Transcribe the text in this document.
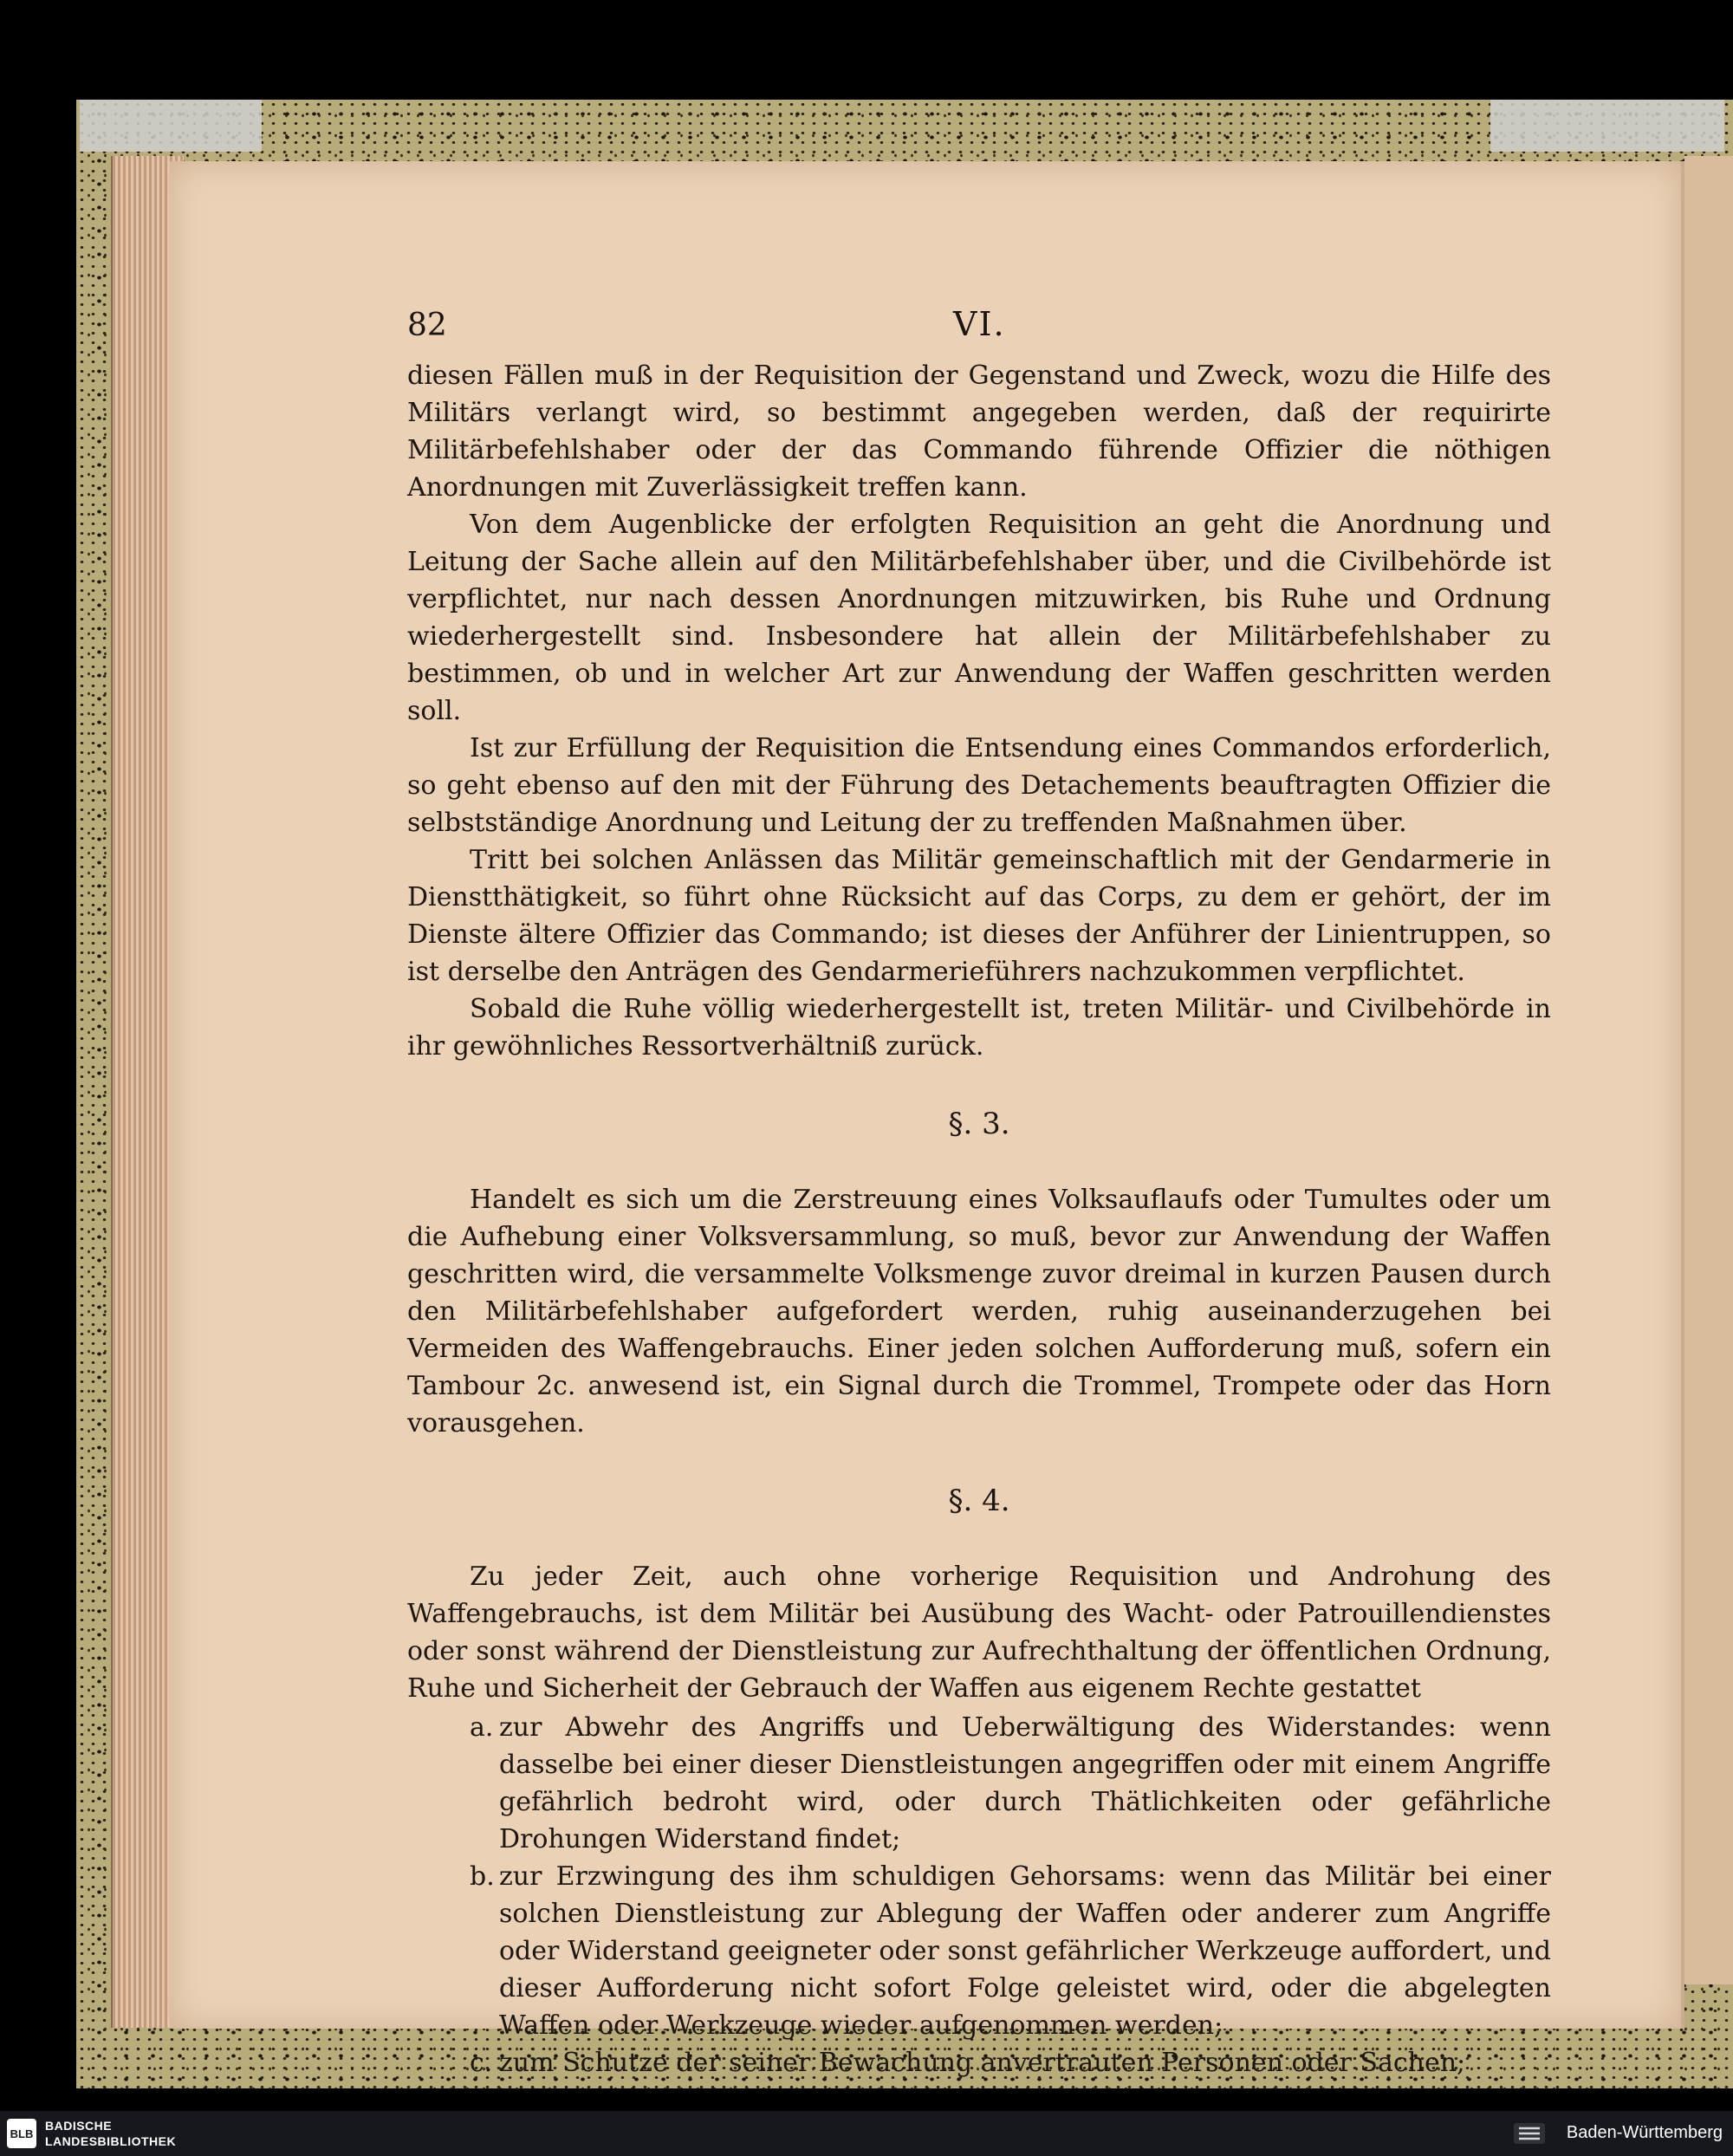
82	VI.

diesen Fällen muß in der Requisition der Gegenstand und Zweck, wozu die Hilfe des Militärs verlangt wird, so bestimmt angegeben werden, daß der requirirte Militärbefehlshaber oder der das Commando führende Offizier die nöthigen Anordnungen mit Zuverlässigkeit treffen kann.

Von dem Augenblicke der erfolgten Requisition an geht die Anordnung und Leitung der Sache allein auf den Militärbefehlshaber über, und die Civilbehörde ist verpflichtet, nur nach dessen Anordnungen mitzuwirken, bis Ruhe und Ordnung wiederhergestellt sind. Insbesondere hat allein der Militärbefehlshaber zu bestimmen, ob und in welcher Art zur Anwendung der Waffen geschritten werden soll.

Ist zur Erfüllung der Requisition die Entsendung eines Commandos erforderlich, so geht ebenso auf den mit der Führung des Detachements beauftragten Offizier die selbstständige Anordnung und Leitung der zu treffenden Maßnahmen über.

Tritt bei solchen Anlässen das Militär gemeinschaftlich mit der Gendarmerie in Dienstthätigkeit, so führt ohne Rücksicht auf das Corps, zu dem er gehört, der im Dienste ältere Offizier das Commando; ist dieses der Anführer der Linientruppen, so ist derselbe den Anträgen des Gendarmerieführers nachzukommen verpflichtet.

Sobald die Ruhe völlig wiederhergestellt ist, treten Militär- und Civilbehörde in ihr gewöhnliches Ressortverhältniß zurück.

§. 3.

Handelt es sich um die Zerstreuung eines Volksauflaufs oder Tumultes oder um die Aufhebung einer Volksversammlung, so muß, bevor zur Anwendung der Waffen geschritten wird, die versammelte Volksmenge zuvor dreimal in kurzen Pausen durch den Militärbefehlshaber aufgefordert werden, ruhig auseinanderzugehen bei Vermeiden des Waffengebrauchs. Einer jeden solchen Aufforderung muß, sofern ein Tambour 2c. anwesend ist, ein Signal durch die Trommel, Trompete oder das Horn vorausgehen.

§. 4.

Zu jeder Zeit, auch ohne vorherige Requisition und Androhung des Waffengebrauchs, ist dem Militär bei Ausübung des Wacht- oder Patrouillendienstes oder sonst während der Dienstleistung zur Aufrechthaltung der öffentlichen Ordnung, Ruhe und Sicherheit der Gebrauch der Waffen aus eigenem Rechte gestattet

a. zur Abwehr des Angriffs und Ueberwältigung des Widerstandes: wenn dasselbe bei einer dieser Dienstleistungen angegriffen oder mit einem Angriffe gefährlich bedroht wird, oder durch Thätlichkeiten oder gefährliche Drohungen Widerstand findet;
b. zur Erzwingung des ihm schuldigen Gehorsams: wenn das Militär bei einer solchen Dienstleistung zur Ablegung der Waffen oder anderer zum Angriffe oder Widerstand geeigneter oder sonst gefährlicher Werkzeuge auffordert, und dieser Aufforderung nicht sofort Folge geleistet wird, oder die abgelegten Waffen oder Werkzeuge wieder aufgenommen werden;
c. zum Schutze der seiner Bewachung anvertrauten Personen oder Sachen;
BLB
BADISCHE
LANDESBIBLIOTHEK	Baden-Württemberg
